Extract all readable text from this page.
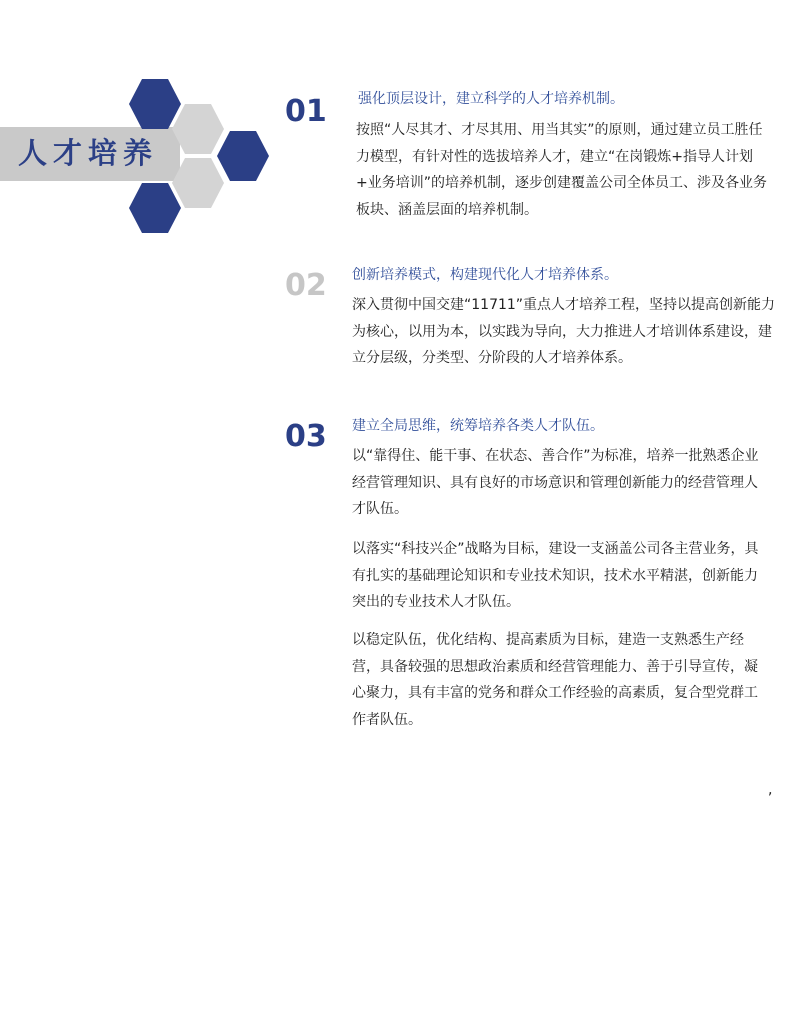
人才培养
01 强化顶层设计，建立科学的人才培养机制。
按照“人尽其才、才尽其用、用当其实”的原则，通过建立员工胜任力模型，有针对性的选拔培养人才，建立“在岗锻炼+指导人计划+业务培训”的培养机制，逐步创建覆盖公司全体员工、涉及各业务板块、涵盖层面的培养机制。
02 创新培养模式，构建现代化人才培养体系。
深入贯彻中国交建“11711”重点人才培养工程，坚持以提高创新能力为核心，以用为本，以实践为导向，大力推进人才培训体系建设，建立分层级，分类型、分阶段的人才培养体系。
03 建立全局思维，统筹培养各类人才队伍。
以“靠得住、能干事、在状态、善合作”为标准，培养一批熟悉企业经营管理知识、具有良好的市场意识和管理创新能力的经营管理人才队伍。
以落实“科技兴企”战略为目标，建设一支涵盖公司各主营业务，具有扎实的基础理论知识和专业技术知识，技术水平精湛，创新能力突出的专业技术人才队伍。
以稳定队伍，优化结构、提高素质为目标，建造一支熟悉生产经营，具备较强的思想政治素质和经营管理能力、善于引导宣传，凝心聚力，具有丰富的党务和群众工作经验的高素质，复合型党群工作者队伍。
,
